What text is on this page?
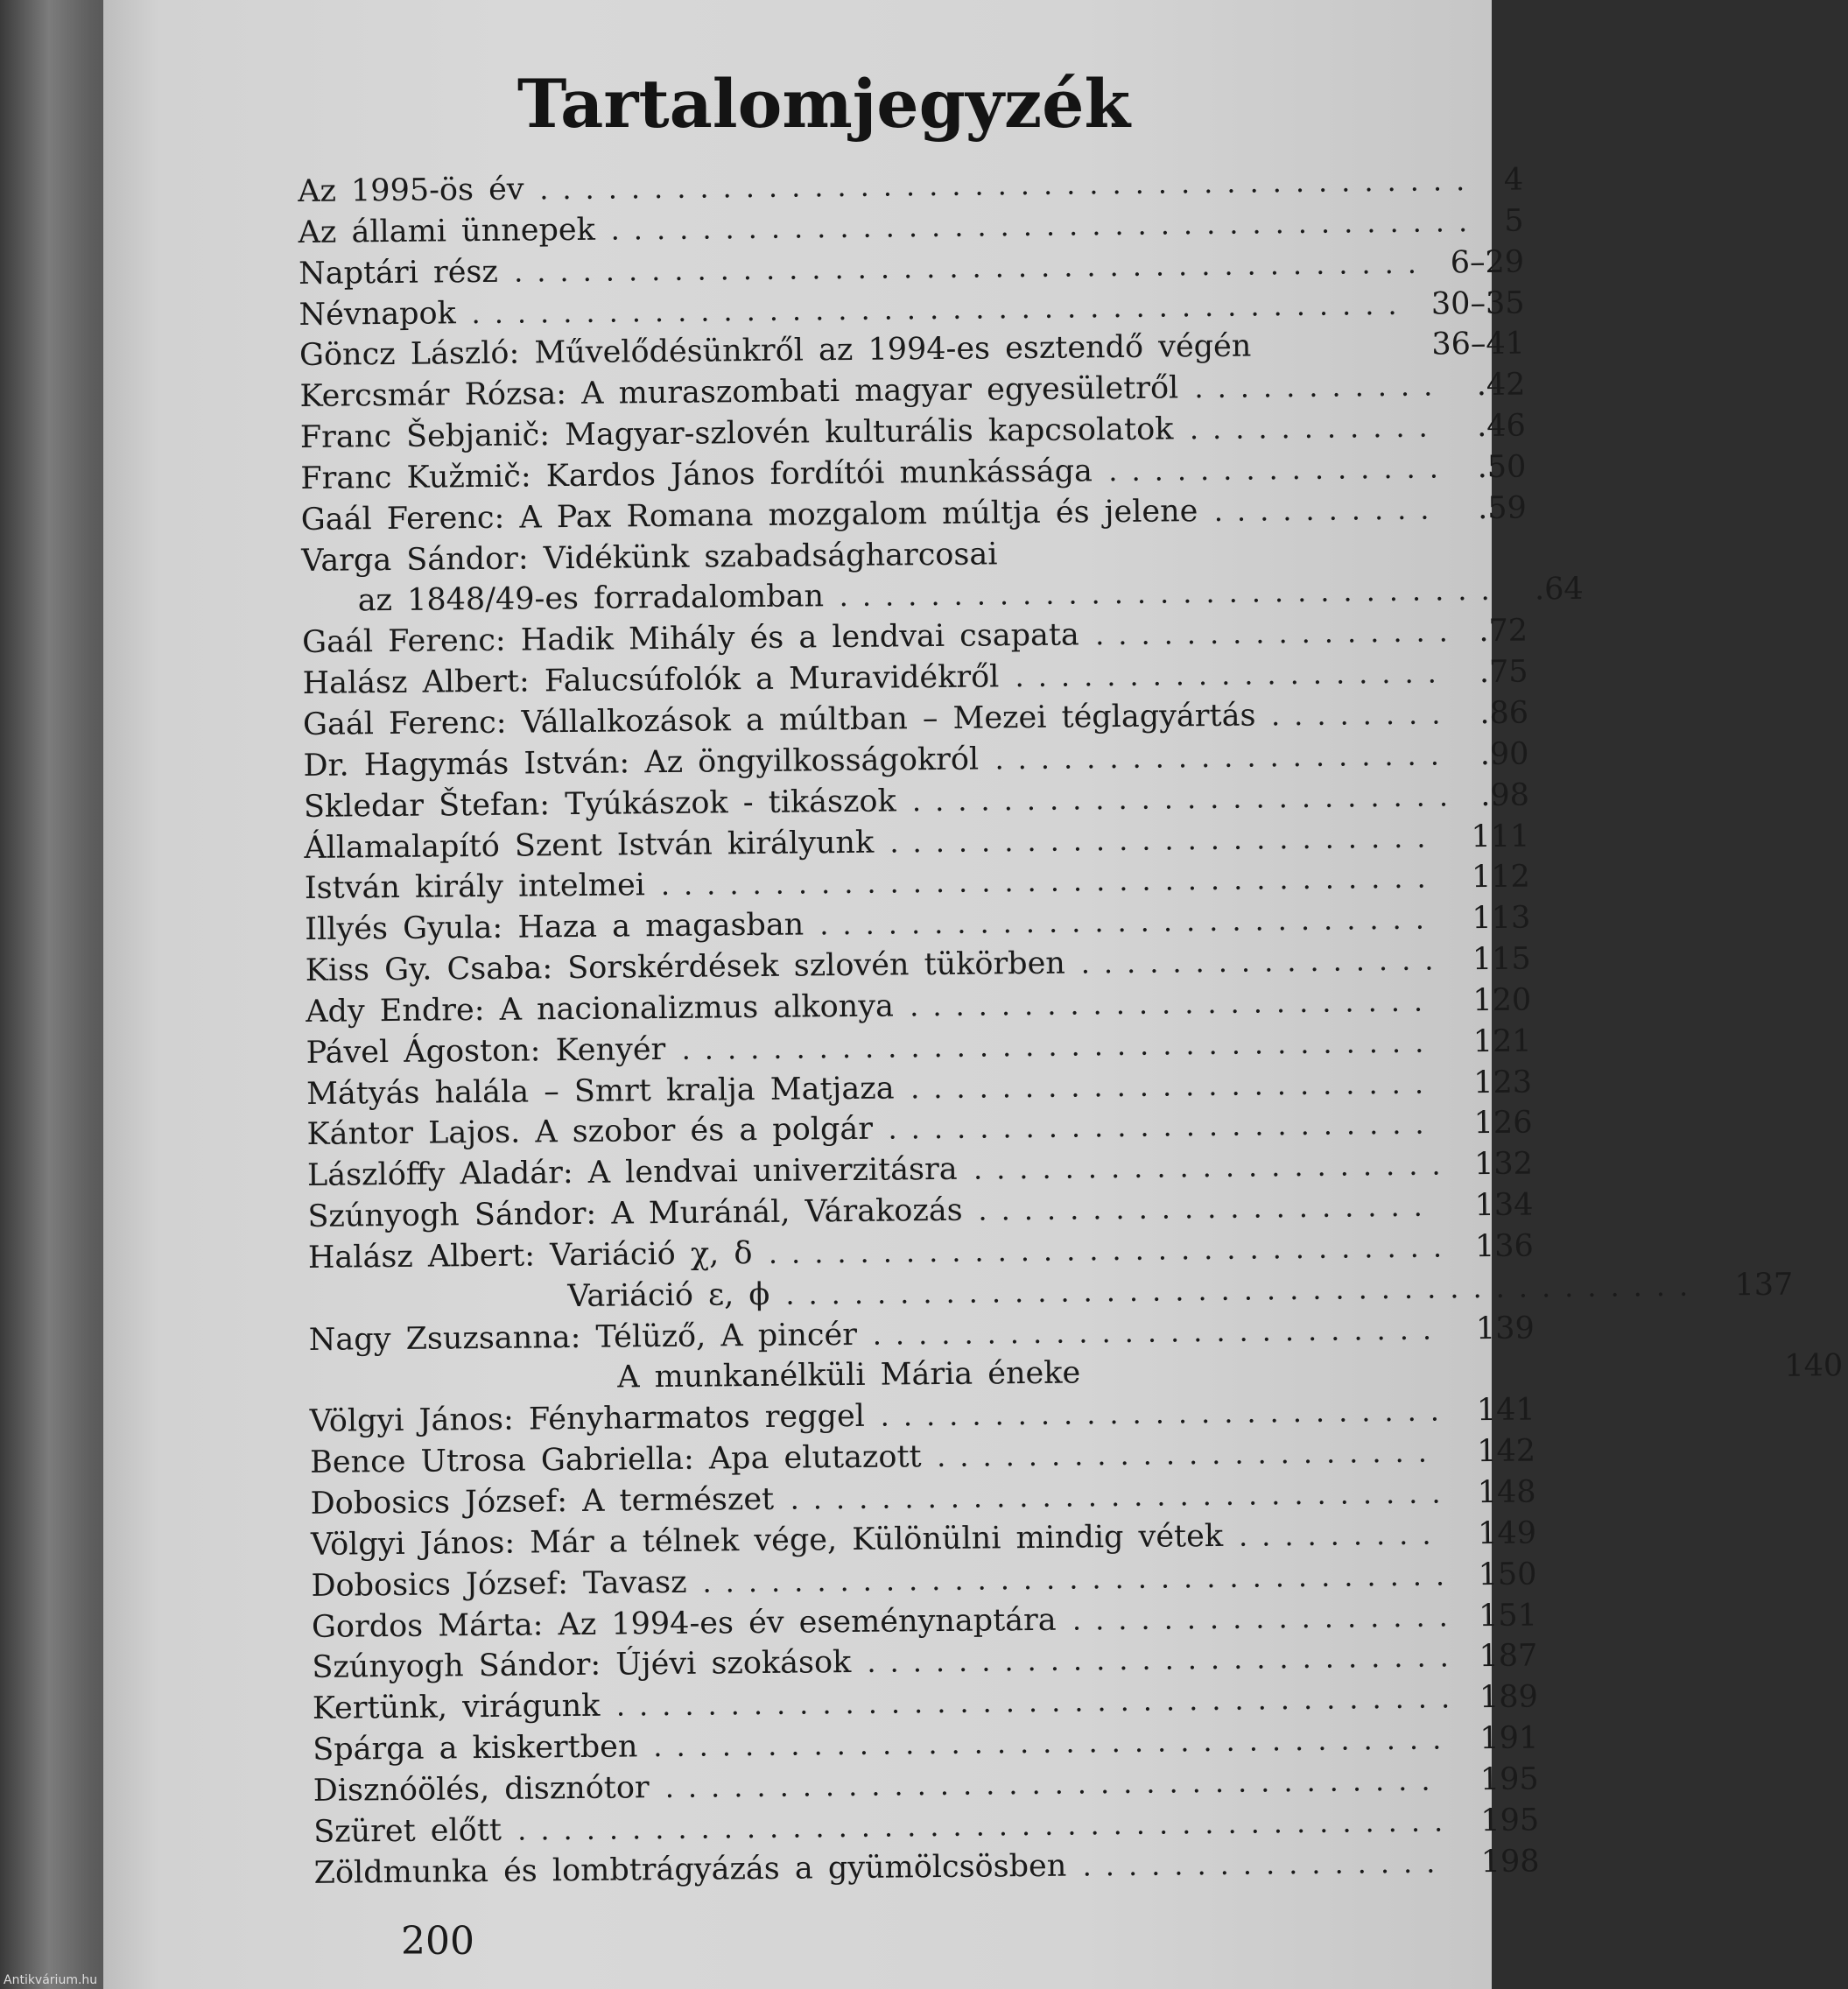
Tartalomjegyzék
Az 1995-ös év ......................................... 4
Az állami ünnepek ...................................... 5
Naptári rész ........................................ 6–29
Névnapok ......................................... 30–35
Göncz László: Művelődésünkről az 1994-es esztendő végén	36–41
Kercsmár Rózsa: A muraszombati magyar egyesületről ........... .42
Franc Šebjanič: Magyar-szlovén kulturális kapcsolatok ...........	.46
Franc Kužmič: Kardos János fordítói munkássága ............... .50
Gaál Ferenc: A Pax Romana mozgalom múltja és jelene ..........	.59
Varga Sándor: Vidékünk szabadságharcosai
az 1848/49-es forradalomban ............................. .64
Gaál Ferenc: Hadik Mihály és a lendvai csapata ................ .72
Halász Albert: Falucsúfolók a Muravidékről ................... .75
Gaál Ferenc: Vállalkozások a múltban – Mezei téglagyártás ........ .86
Dr. Hagymás István: Az öngyilkosságokról .................... .90
Skledar Štefan: Tyúkászok - tikászok ........................ .98
Államalapító Szent István királyunk ........................	111
István király intelmei ..................................	112
Illyés Gyula: Haza a magasban ...........................	113
Kiss Gy. Csaba: Sorskérdések szlovén tükörben ................ 115
Ady Endre: A nacionalizmus alkonya .......................	120
Pável Ágoston: Kenyér .................................	121
Mátyás halála – Smrt kralja Matjaza .......................	123
Kántor Lajos. A szobor és a polgár ........................	126
Lászlóffy Aladár: A lendvai univerzitásra ..................... 132
Szúnyogh Sándor: A Muránál, Várakozás ....................	134
Halász Albert: Variáció χ, δ .............................. 136
Variáció ε, ϕ ........................................	137
Nagy Zsuzsanna: Télüző, A pincér ......................... 139
A munkanélküli Mária éneke	140
Völgyi János: Fényharmatos reggel ......................... 141
Bence Utrosa Gabriella: Apa elutazott ......................	142
Dobosics József: A természet ............................. 148
Völgyi János: Már a télnek vége, Különülni mindig vétek .........	149
Dobosics József: Tavasz ................................. 150
Gordos Márta: Az 1994-es év eseménynaptára ................. 151
Szúnyogh Sándor: Újévi szokások .......................... 187
Kertünk, virágunk ..................................... 189
Spárga a kiskertben ................................... 191
Disznóölés, disznótor ..................................	195
Szüret előtt ......................................... 195
Zöldmunka és lombtrágyázás a gyümölcsösben ................	198
200
Antikvárium.hu
